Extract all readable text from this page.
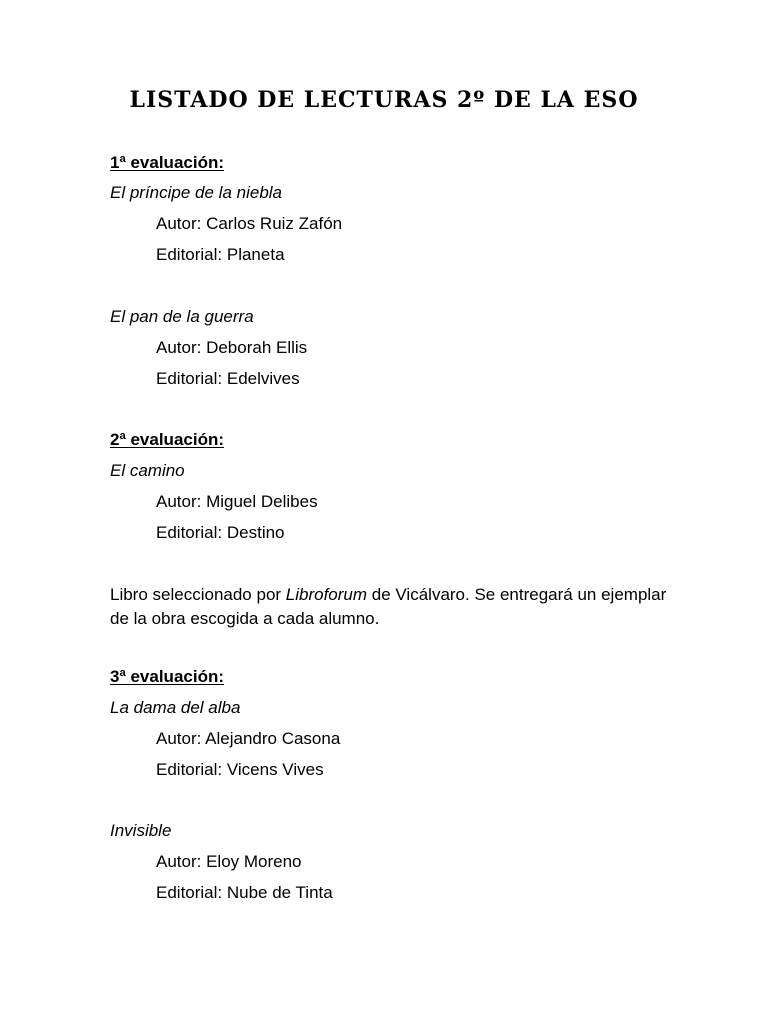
LISTADO DE LECTURAS 2º DE LA ESO
1ª evaluación:
El príncipe de la niebla
Autor: Carlos Ruiz Zafón
Editorial: Planeta
El pan de la guerra
Autor: Deborah Ellis
Editorial: Edelvives
2ª evaluación:
El camino
Autor: Miguel Delibes
Editorial: Destino
Libro seleccionado por Libroforum de Vicálvaro. Se entregará un ejemplar de la obra escogida a cada alumno.
3ª evaluación:
La dama del alba
Autor: Alejandro Casona
Editorial: Vicens Vives
Invisible
Autor: Eloy Moreno
Editorial: Nube de Tinta
